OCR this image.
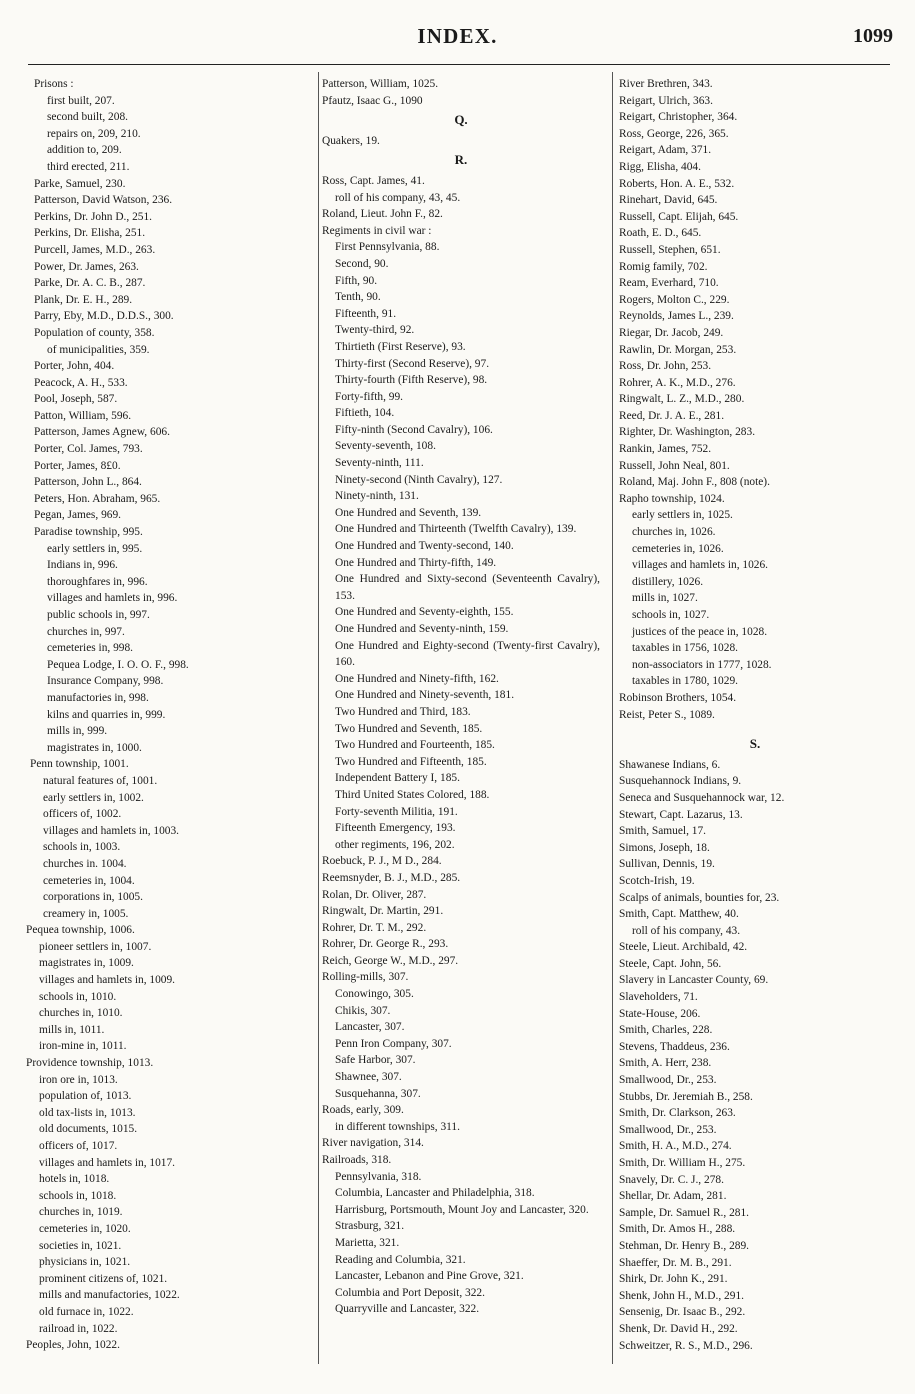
INDEX.	1099
Prisons :
first built, 207.
second built, 208.
repairs on, 209, 210.
addition to, 209.
third erected, 211.
Parke, Samuel, 230.
Patterson, David Watson, 236.
Perkins, Dr. John D., 251.
Perkins, Dr. Elisha, 251.
Purcell, James, M.D., 263.
Power, Dr. James, 263.
Parke, Dr. A. C. B., 287.
Plank, Dr. E. H., 289.
Parry, Eby, M.D., D.D.S., 300.
Population of county, 358.
of municipalities, 359.
Porter, John, 404.
Peacock, A. H., 533.
Pool, Joseph, 587.
Patton, William, 596.
Patterson, James Agnew, 606.
Porter, Col. James, 793.
Porter, James, 8£0.
Patterson, John L., 864.
Peters, Hon. Abraham, 965.
Pegan, James, 969.
Paradise township, 995.
early settlers in, 995.
Indians in, 996.
thoroughfares in, 996.
villages and hamlets in, 996.
public schools in, 997.
churches in, 997.
cemeteries in, 998.
Pequea Lodge, I. O. O. F., 998.
Insurance Company, 998.
manufactories in, 998.
kilns and quarries in, 999.
mills in, 999.
magistrates in, 1000.
Penn township, 1001.
natural features of, 1001.
early settlers in, 1002.
officers of, 1002.
villages and hamlets in, 1003.
schools in, 1003.
churches in. 1004.
cemeteries in, 1004.
corporations in, 1005.
creamery in, 1005.
Pequea township, 1006.
pioneer settlers in, 1007.
magistrates in, 1009.
villages and hamlets in, 1009.
schools in, 1010.
churches in, 1010.
mills in, 1011.
iron-mine in, 1011.
Providence township, 1013.
iron ore in, 1013.
population of, 1013.
old tax-lists in, 1013.
old documents, 1015.
officers of, 1017.
villages and hamlets in, 1017.
hotels in, 1018.
schools in, 1018.
churches in, 1019.
cemeteries in, 1020.
societies in, 1021.
physicians in, 1021.
prominent citizens of, 1021.
mills and manufactories, 1022.
old furnace in, 1022.
railroad in, 1022.
Peoples, John, 1022.
Patterson, William, 1025.
Pfautz, Isaac G., 1090
Q.
Quakers, 19.
R.
Ross, Capt. James, 41.
roll of his company, 43, 45.
Roland, Lieut. John F., 82.
Regiments in civil war :
First Pennsylvania, 88.
Second, 90.
Fifth, 90.
Tenth, 90.
Fifteenth, 91.
Twenty-third, 92.
Thirtieth (First Reserve), 93.
Thirty-first (Second Reserve), 97.
Thirty-fourth (Fifth Reserve), 98.
Forty-fifth, 99.
Fiftieth, 104.
Fifty-ninth (Second Cavalry), 106.
Seventy-seventh, 108.
Seventy-ninth, 111.
Ninety-second (Ninth Cavalry), 127.
Ninety-ninth, 131.
One Hundred and Seventh, 139.
One Hundred and Thirteenth (Twelfth Cavalry), 139.
One Hundred and Twenty-second, 140.
One Hundred and Thirty-fifth, 149.
One Hundred and Sixty-second (Seventeenth Cavalry), 153.
One Hundred and Seventy-eighth, 155.
One Hundred and Seventy-ninth, 159.
One Hundred and Eighty-second (Twenty-first Cavalry), 160.
One Hundred and Ninety-fifth, 162.
One Hundred and Ninety-seventh, 181.
Two Hundred and Third, 183.
Two Hundred and Seventh, 185.
Two Hundred and Fourteenth, 185.
Two Hundred and Fifteenth, 185.
Independent Battery I, 185.
Third United States Colored, 188.
Forty-seventh Militia, 191.
Fifteenth Emergency, 193.
other regiments, 196, 202.
Roebuck, P. J., M D., 284.
Reemsnyder, B. J., M.D., 285.
Rolan, Dr. Oliver, 287.
Ringwalt, Dr. Martin, 291.
Rohrer, Dr. T. M., 292.
Rohrer, Dr. George R., 293.
Reich, George W., M.D., 297.
Rolling-mills, 307.
Conowingo, 305.
Chikis, 307.
Lancaster, 307.
Penn Iron Company, 307.
Safe Harbor, 307.
Shawnee, 307.
Susquehanna, 307.
Roads, early, 309.
in different townships, 311.
River navigation, 314.
Railroads, 318.
Pennsylvania, 318.
Columbia, Lancaster and Philadelphia, 318.
Harrisburg, Portsmouth, Mount Joy and Lancaster, 320.
Strasburg, 321.
Marietta, 321.
Reading and Columbia, 321.
Lancaster, Lebanon and Pine Grove, 321.
Columbia and Port Deposit, 322.
Quarryville and Lancaster, 322.
River Brethren, 343.
Reigart, Ulrich, 363.
Reigart, Christopher, 364.
Ross, George, 226, 365.
Reigart, Adam, 371.
Rigg, Elisha, 404.
Roberts, Hon. A. E., 532.
Rinehart, David, 645.
Russell, Capt. Elijah, 645.
Roath, E. D., 645.
Russell, Stephen, 651.
Romig family, 702.
Ream, Everhard, 710.
Rogers, Molton C., 229.
Reynolds, James L., 239.
Riegar, Dr. Jacob, 249.
Rawlin, Dr. Morgan, 253.
Ross, Dr. John, 253.
Rohrer, A. K., M.D., 276.
Ringwalt, L. Z., M.D., 280.
Reed, Dr. J. A. E., 281.
Righter, Dr. Washington, 283.
Rankin, James, 752.
Russell, John Neal, 801.
Roland, Maj. John F., 808 (note).
Rapho township, 1024.
early settlers in, 1025.
churches in, 1026.
cemeteries in, 1026.
villages and hamlets in, 1026.
distillery, 1026.
mills in, 1027.
schools in, 1027.
justices of the peace in, 1028.
taxables in 1756, 1028.
non-associators in 1777, 1028.
taxables in 1780, 1029.
Robinson Brothers, 1054.
Reist, Peter S., 1089.
S.
Shawanese Indians, 6.
Susquehannock Indians, 9.
Seneca and Susquehannock war, 12.
Stewart, Capt. Lazarus, 13.
Smith, Samuel, 17.
Simons, Joseph, 18.
Sullivan, Dennis, 19.
Scotch-Irish, 19.
Scalps of animals, bounties for, 23.
Smith, Capt. Matthew, 40.
roll of his company, 43.
Steele, Lieut. Archibald, 42.
Steele, Capt. John, 56.
Slavery in Lancaster County, 69.
Slaveholders, 71.
State-House, 206.
Smith, Charles, 228.
Stevens, Thaddeus, 236.
Smith, A. Herr, 238.
Smallwood, Dr., 253.
Stubbs, Dr. Jeremiah B., 258.
Smith, Dr. Clarkson, 263.
Smallwood, Dr., 253.
Smith, H. A., M.D., 274.
Smith, Dr. William H., 275.
Snavely, Dr. C. J., 278.
Shellar, Dr. Adam, 281.
Sample, Dr. Samuel R., 281.
Smith, Dr. Amos H., 288.
Stehman, Dr. Henry B., 289.
Shaeffer, Dr. M. B., 291.
Shirk, Dr. John K., 291.
Shenk, John H., M.D., 291.
Sensenig, Dr. Isaac B., 292.
Shenk, Dr. David H., 292.
Schweitzer, R. S., M.D., 296.
